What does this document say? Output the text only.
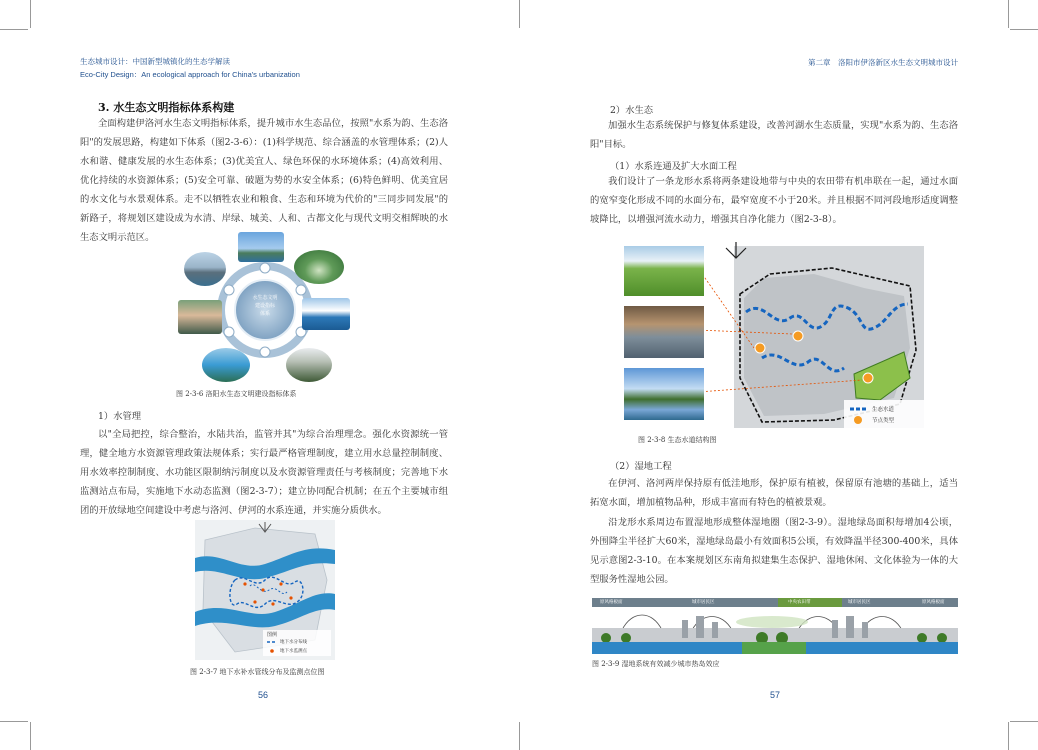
生态城市设计：中国新型城镇化的生态学解读
Eco-City Design：An ecological approach for China's urbanization
第二章　洛阳市伊洛新区水生态文明城市设计
3. 水生态文明指标体系构建
全面构建伊洛河水生态文明指标体系，提升城市水生态品位，按照"水系为韵、生态洛阳"的发展思路，构建如下体系（图2-3-6）：(1)科学规范、综合涵盖的水管理体系；(2)人水和谐、健康发展的水生态体系；(3)优美宜人、绿色环保的水环境体系；(4)高效利用、优化持续的水资源体系；(5)安全可靠、破题为势的水安全体系；(6)特色鲜明、优美宜居的水文化与水景观体系。走不以牺牲农业和粮食、生态和环境为代价的"三同步同发展"的新路子，将规划区建设成为水清、岸绿、城美、人和、古都文化与现代文明交相辉映的水生态文明示范区。
水生态文明
建设指标
体系
图 2-3-6 洛阳水生态文明建设指标体系
1）水管理
以"全局把控，综合整治，水陆共治，监管并其"为综合治理理念。强化水资源统一管理，健全地方水资源管理政策法规体系；实行最严格管理制度，建立用水总量控制制度、用水效率控制制度、水功能区限制纳污制度以及水资源管理责任与考核制度；完善地下水监测站点布局，实施地下水动态监测（图2-3-7）；建立协同配合机制；在五个主要城市组团的开放绿地空间建设中考虑与洛河、伊河的水系连通，并实施分质供水。
图例
地下水分布线
地下水监测点
图 2-3-7 地下水补水管线分布及监测点位图
56
2）水生态
加强水生态系统保护与修复体系建设，改善河湖水生态质量，实现"水系为韵、生态洛阳"目标。
（1）水系连通及扩大水面工程
我们设计了一条龙形水系将两条建设地带与中央的农田带有机串联在一起，通过水面的宽窄变化形成不同的水面分布，最窄宽度不小于20米。并且根据不同河段地形适度调整坡降比，以增强河流水动力，增强其自净化能力（图2-3-8）。
生态水道
节点类型
图 2-3-8 生态水道结构图
（2）湿地工程
在伊河、洛河两岸保持原有低洼地形，保护原有植被，保留原有池塘的基础上，适当拓宽水面，增加植物品种，形成丰富而有特色的植被景观。
沿龙形水系周边布置湿地形成整体湿地圈（图2-3-9）。湿地绿岛面积每增加4公顷，外围降尘半径扩大60米，湿地绿岛最小有效面积5公顷，有效降温半径300-400米，具体见示意图2-3-10。在本案规划区东南角拟建集生态保护、湿地休闲、文化体验为一体的大型服务性湿地公园。
原风格板面	城市居民区	中央农田带	城市居民区	原风格板面
图 2-3-9 湿地系统有效减少城市热岛效应
57
